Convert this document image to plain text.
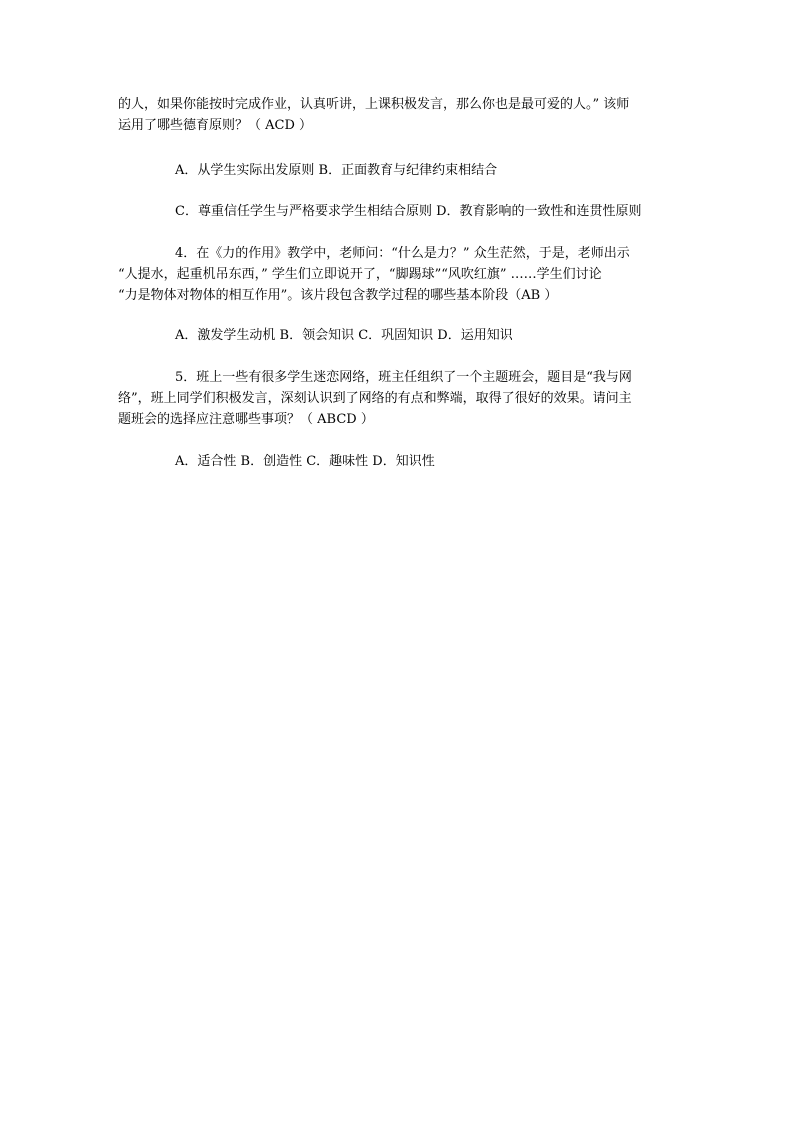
的人，如果你能按时完成作业，认真听讲，上课积极发言，那么你也是最可爱的人。” 该师
运用了哪些德育原则？（ ACD ）
A．从学生实际出发原则 B．正面教育与纪律约束相结合
C．尊重信任学生与严格要求学生相结合原则 D．教育影响的一致性和连贯性原则
4．在《力的作用》教学中，老师问：“什么是力？” 众生茫然，于是，老师出示
“人提水，起重机吊东西，” 学生们立即说开了，“脚踢球”“风吹红旗” ……学生们讨论
“力是物体对物体的相互作用”。该片段包含教学过程的哪些基本阶段（AB ）
A．激发学生动机 B．领会知识 C．巩固知识 D．运用知识
5．班上一些有很多学生迷恋网络，班主任组织了一个主题班会，题目是“我与网
络”，班上同学们积极发言，深刻认识到了网络的有点和弊端，取得了很好的效果。请问主
题班会的选择应注意哪些事项？（ ABCD ）
A．适合性 B．创造性 C．趣味性 D．知识性
